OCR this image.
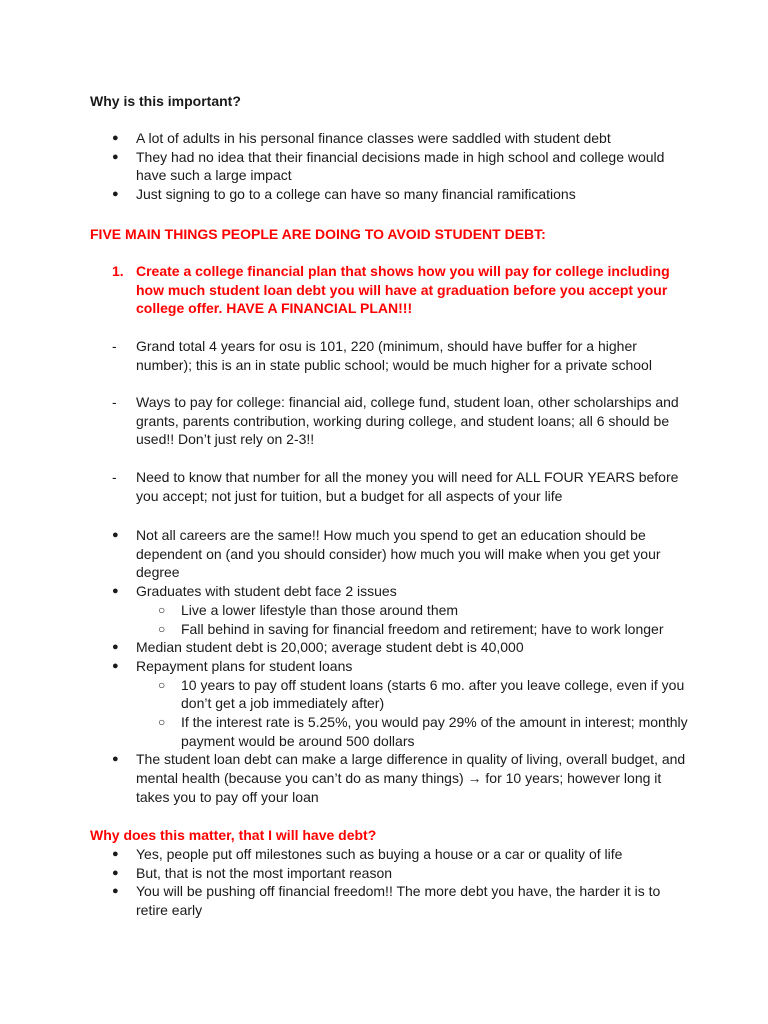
Why is this important?
● A lot of adults in his personal finance classes were saddled with student debt
● They had no idea that their financial decisions made in high school and college would have such a large impact
● Just signing to go to a college can have so many financial ramifications
FIVE MAIN THINGS PEOPLE ARE DOING TO AVOID STUDENT DEBT:
1. Create a college financial plan that shows how you will pay for college including how much student loan debt you will have at graduation before you accept your college offer. HAVE A FINANCIAL PLAN!!!
- Grand total 4 years for osu is 101, 220 (minimum, should have buffer for a higher number); this is an in state public school; would be much higher for a private school
- Ways to pay for college: financial aid, college fund, student loan, other scholarships and grants, parents contribution, working during college, and student loans; all 6 should be used!! Don’t just rely on 2-3!!
- Need to know that number for all the money you will need for ALL FOUR YEARS before you accept; not just for tuition, but a budget for all aspects of your life
● Not all careers are the same!! How much you spend to get an education should be dependent on (and you should consider) how much you will make when you get your degree
● Graduates with student debt face 2 issues
○ Live a lower lifestyle than those around them
○ Fall behind in saving for financial freedom and retirement; have to work longer
● Median student debt is 20,000; average student debt is 40,000
● Repayment plans for student loans
○ 10 years to pay off student loans (starts 6 mo. after you leave college, even if you don’t get a job immediately after)
○ If the interest rate is 5.25%, you would pay 29% of the amount in interest; monthly payment would be around 500 dollars
● The student loan debt can make a large difference in quality of living, overall budget, and mental health (because you can’t do as many things) → for 10 years; however long it takes you to pay off your loan
Why does this matter, that I will have debt?
● Yes, people put off milestones such as buying a house or a car or quality of life
● But, that is not the most important reason
● You will be pushing off financial freedom!! The more debt you have, the harder it is to retire early
